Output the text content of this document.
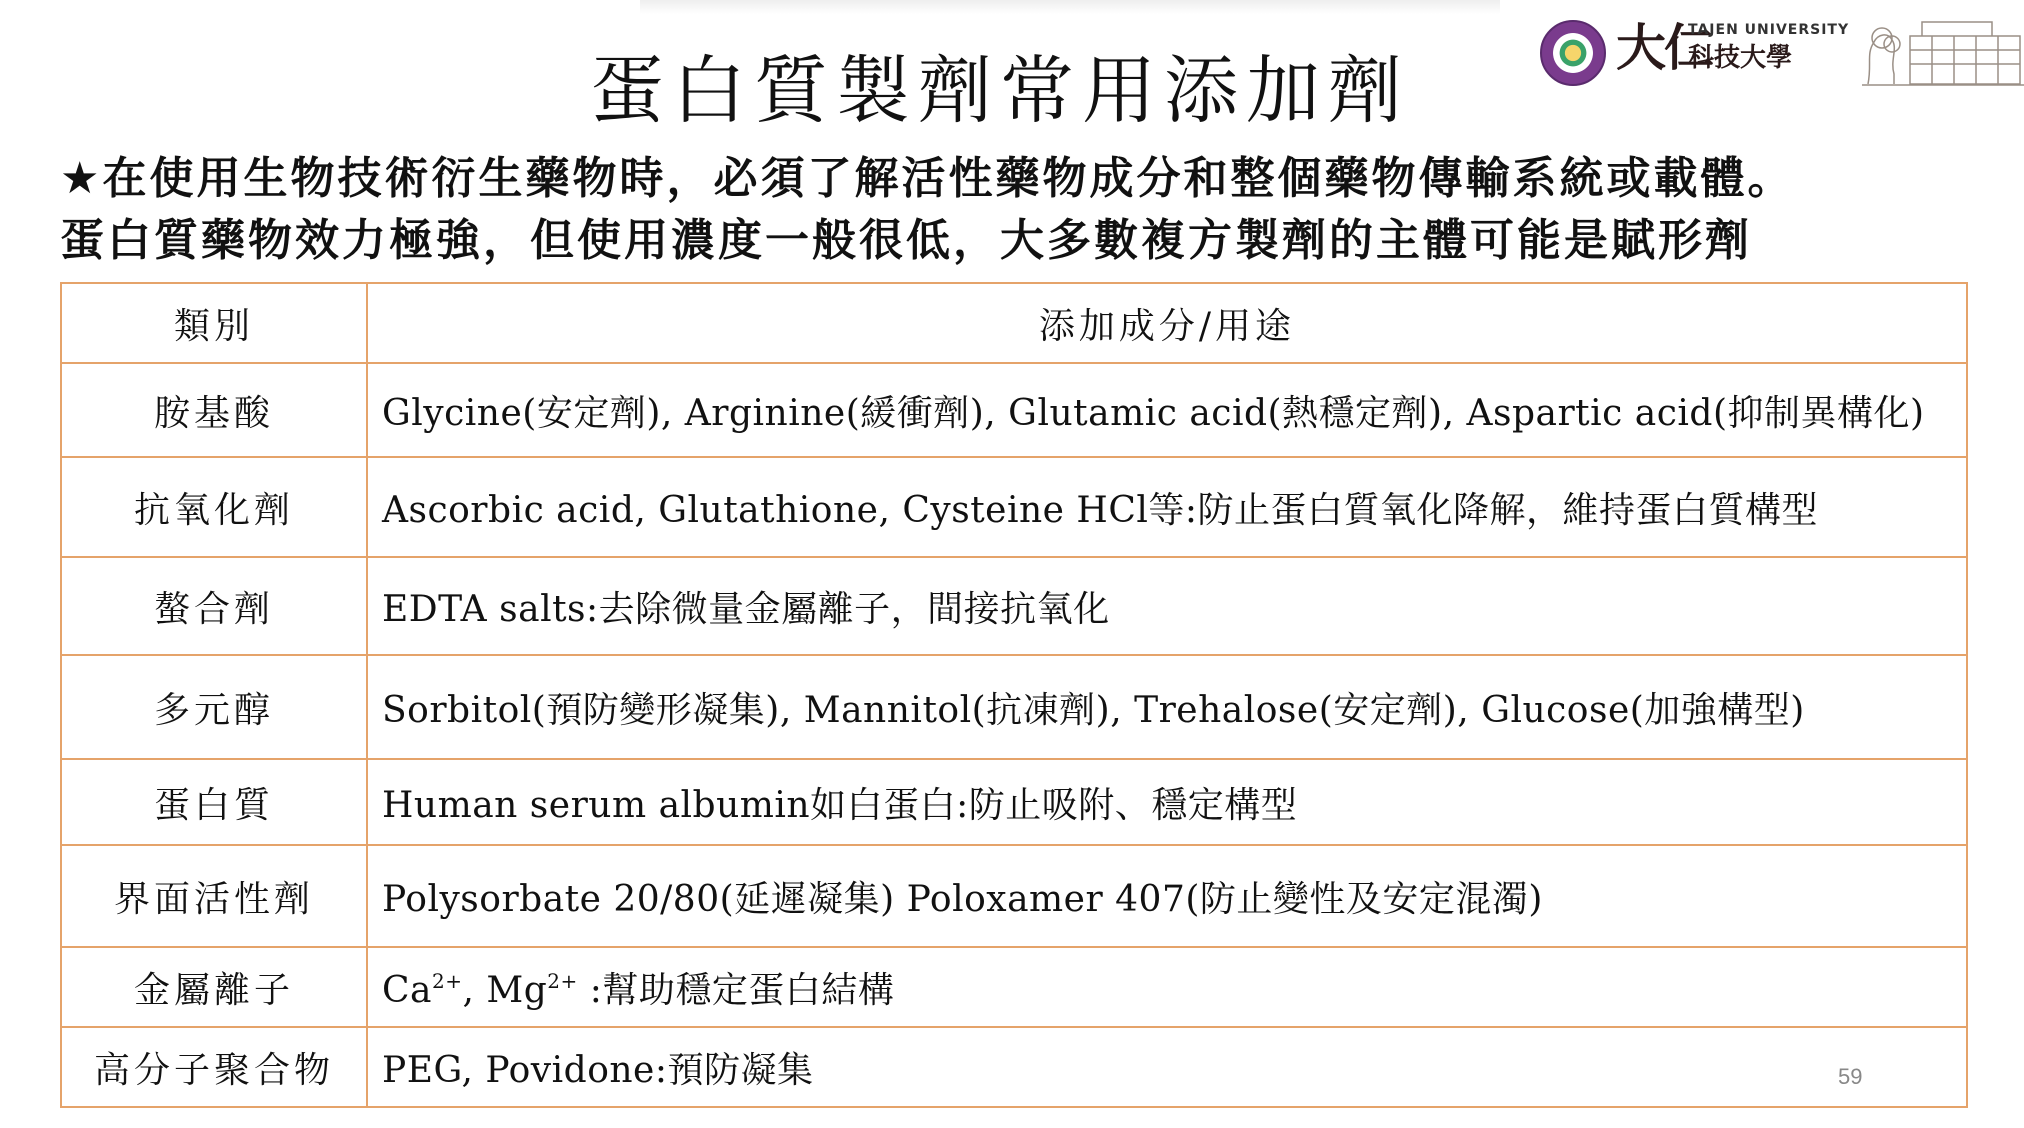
大仁
TAJEN UNIVERSITY
科技大學
蛋白質製劑常用添加劑
★在使用生物技術衍生藥物時，必須了解活性藥物成分和整個藥物傳輸系統或載體。
蛋白質藥物效力極強，但使用濃度一般很低，大多數複方製劑的主體可能是賦形劑
類別	添加成分/用途
胺基酸	Glycine(安定劑), Arginine(緩衝劑), Glutamic acid(熱穩定劑), Aspartic acid(抑制異構化)
抗氧化劑	Ascorbic acid, Glutathione, Cysteine HCl等:防止蛋白質氧化降解，維持蛋白質構型
螯合劑	EDTA salts:去除微量金屬離子，間接抗氧化
多元醇	Sorbitol(預防變形凝集), Mannitol(抗凍劑), Trehalose(安定劑), Glucose(加強構型)
蛋白質	Human serum albumin如白蛋白:防止吸附、穩定構型
界面活性劑	Polysorbate 20/80(延遲凝集) Poloxamer 407(防止變性及安定混濁)
金屬離子	$Ca^{2+}$, $Mg^{2+}$ :幫助穩定蛋白結構
高分子聚合物	PEG, Povidone:預防凝集	59
